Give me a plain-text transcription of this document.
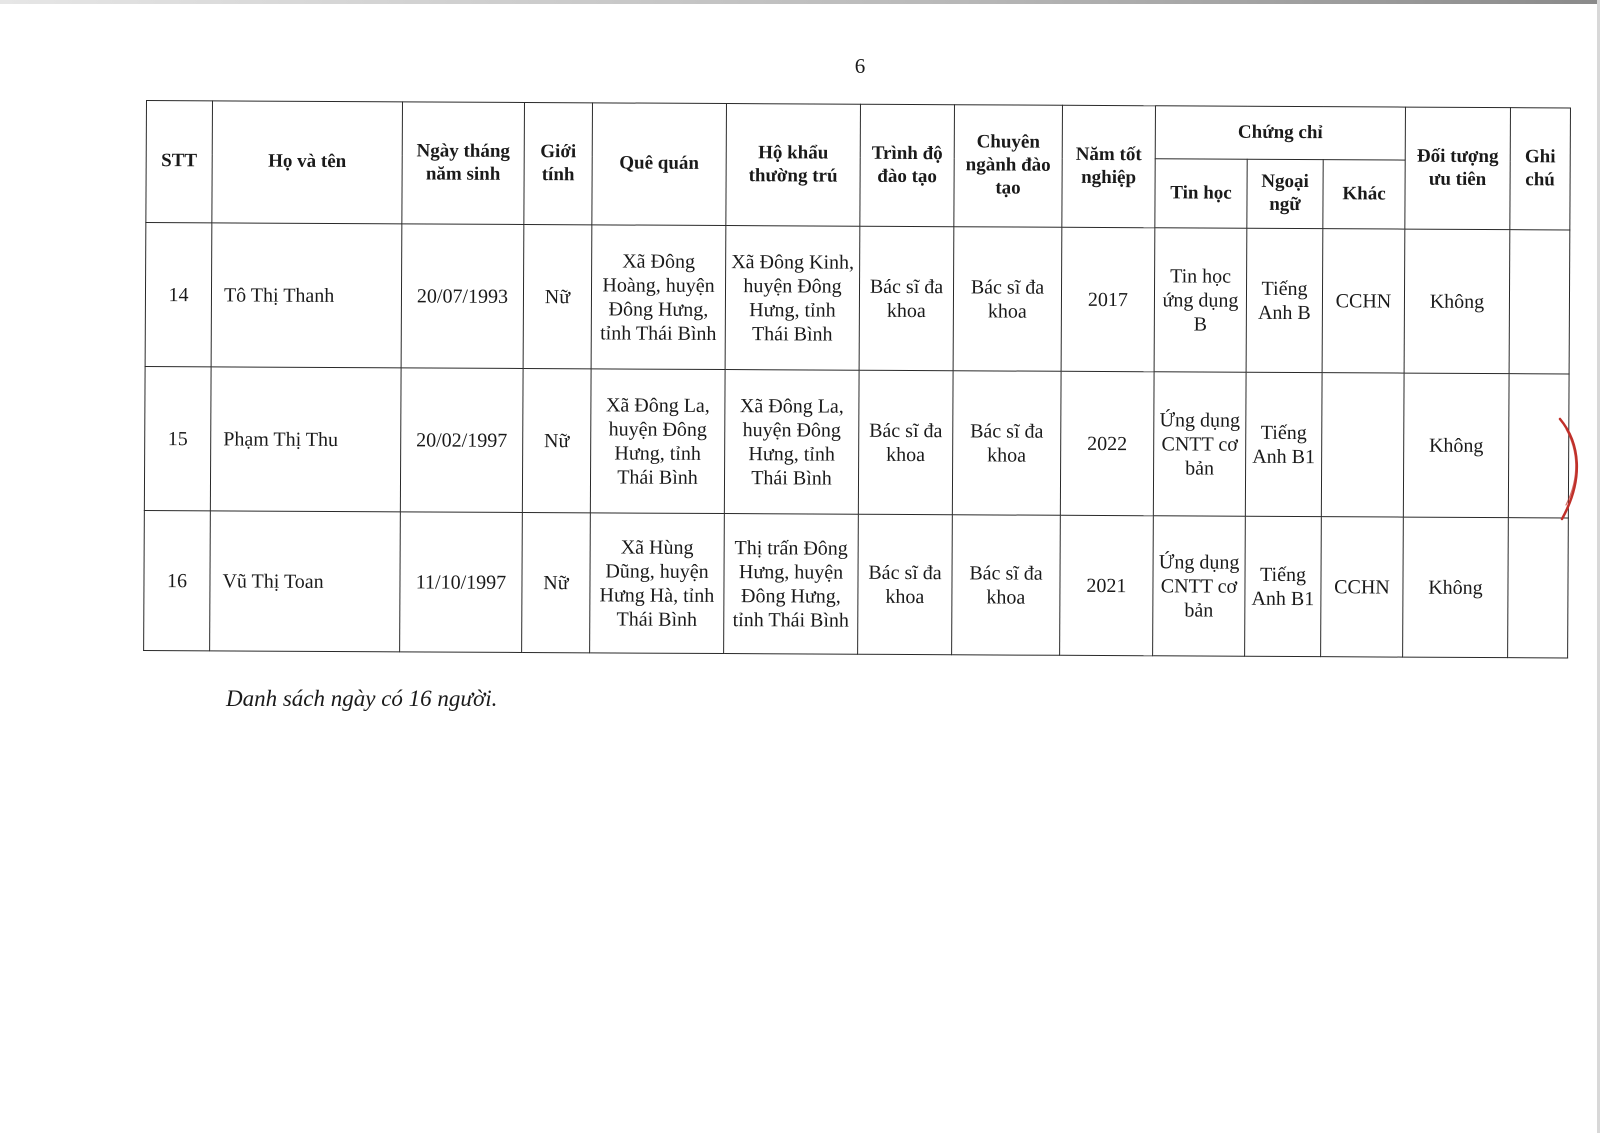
6
STT	Họ và tên	Ngày tháng năm sinh	Giới tính	Quê quán	Hộ khẩu thường trú	Trình độ đào tạo	Chuyên ngành đào tạo	Năm tốt nghiệp	Chứng chỉ			Đối tượng ưu tiên	Ghi chú
									Tin học	Ngoại ngữ	Khác		
14	Tô Thị Thanh	20/07/1993	Nữ	Xã Đông Hoàng, huyện Đông Hưng, tỉnh Thái Bình	Xã Đông Kinh, huyện Đông Hưng, tỉnh Thái Bình	Bác sĩ đa khoa	Bác sĩ đa khoa	2017	Tin học ứng dụng B	Tiếng Anh B	CCHN	Không	
15	Phạm Thị Thu	20/02/1997	Nữ	Xã Đông La, huyện Đông Hưng, tỉnh Thái Bình	Xã Đông La, huyện Đông Hưng, tỉnh Thái Bình	Bác sĩ đa khoa	Bác sĩ đa khoa	2022	Ứng dụng CNTT cơ bản	Tiếng Anh B1		Không	
16	Vũ Thị Toan	11/10/1997	Nữ	Xã Hùng Dũng, huyện Hưng Hà, tỉnh Thái Bình	Thị trấn Đông Hưng, huyện Đông Hưng, tỉnh Thái Bình	Bác sĩ đa khoa	Bác sĩ đa khoa	2021	Ứng dụng CNTT cơ bản	Tiếng Anh B1	CCHN	Không	
Danh sách ngày có 16 người.
